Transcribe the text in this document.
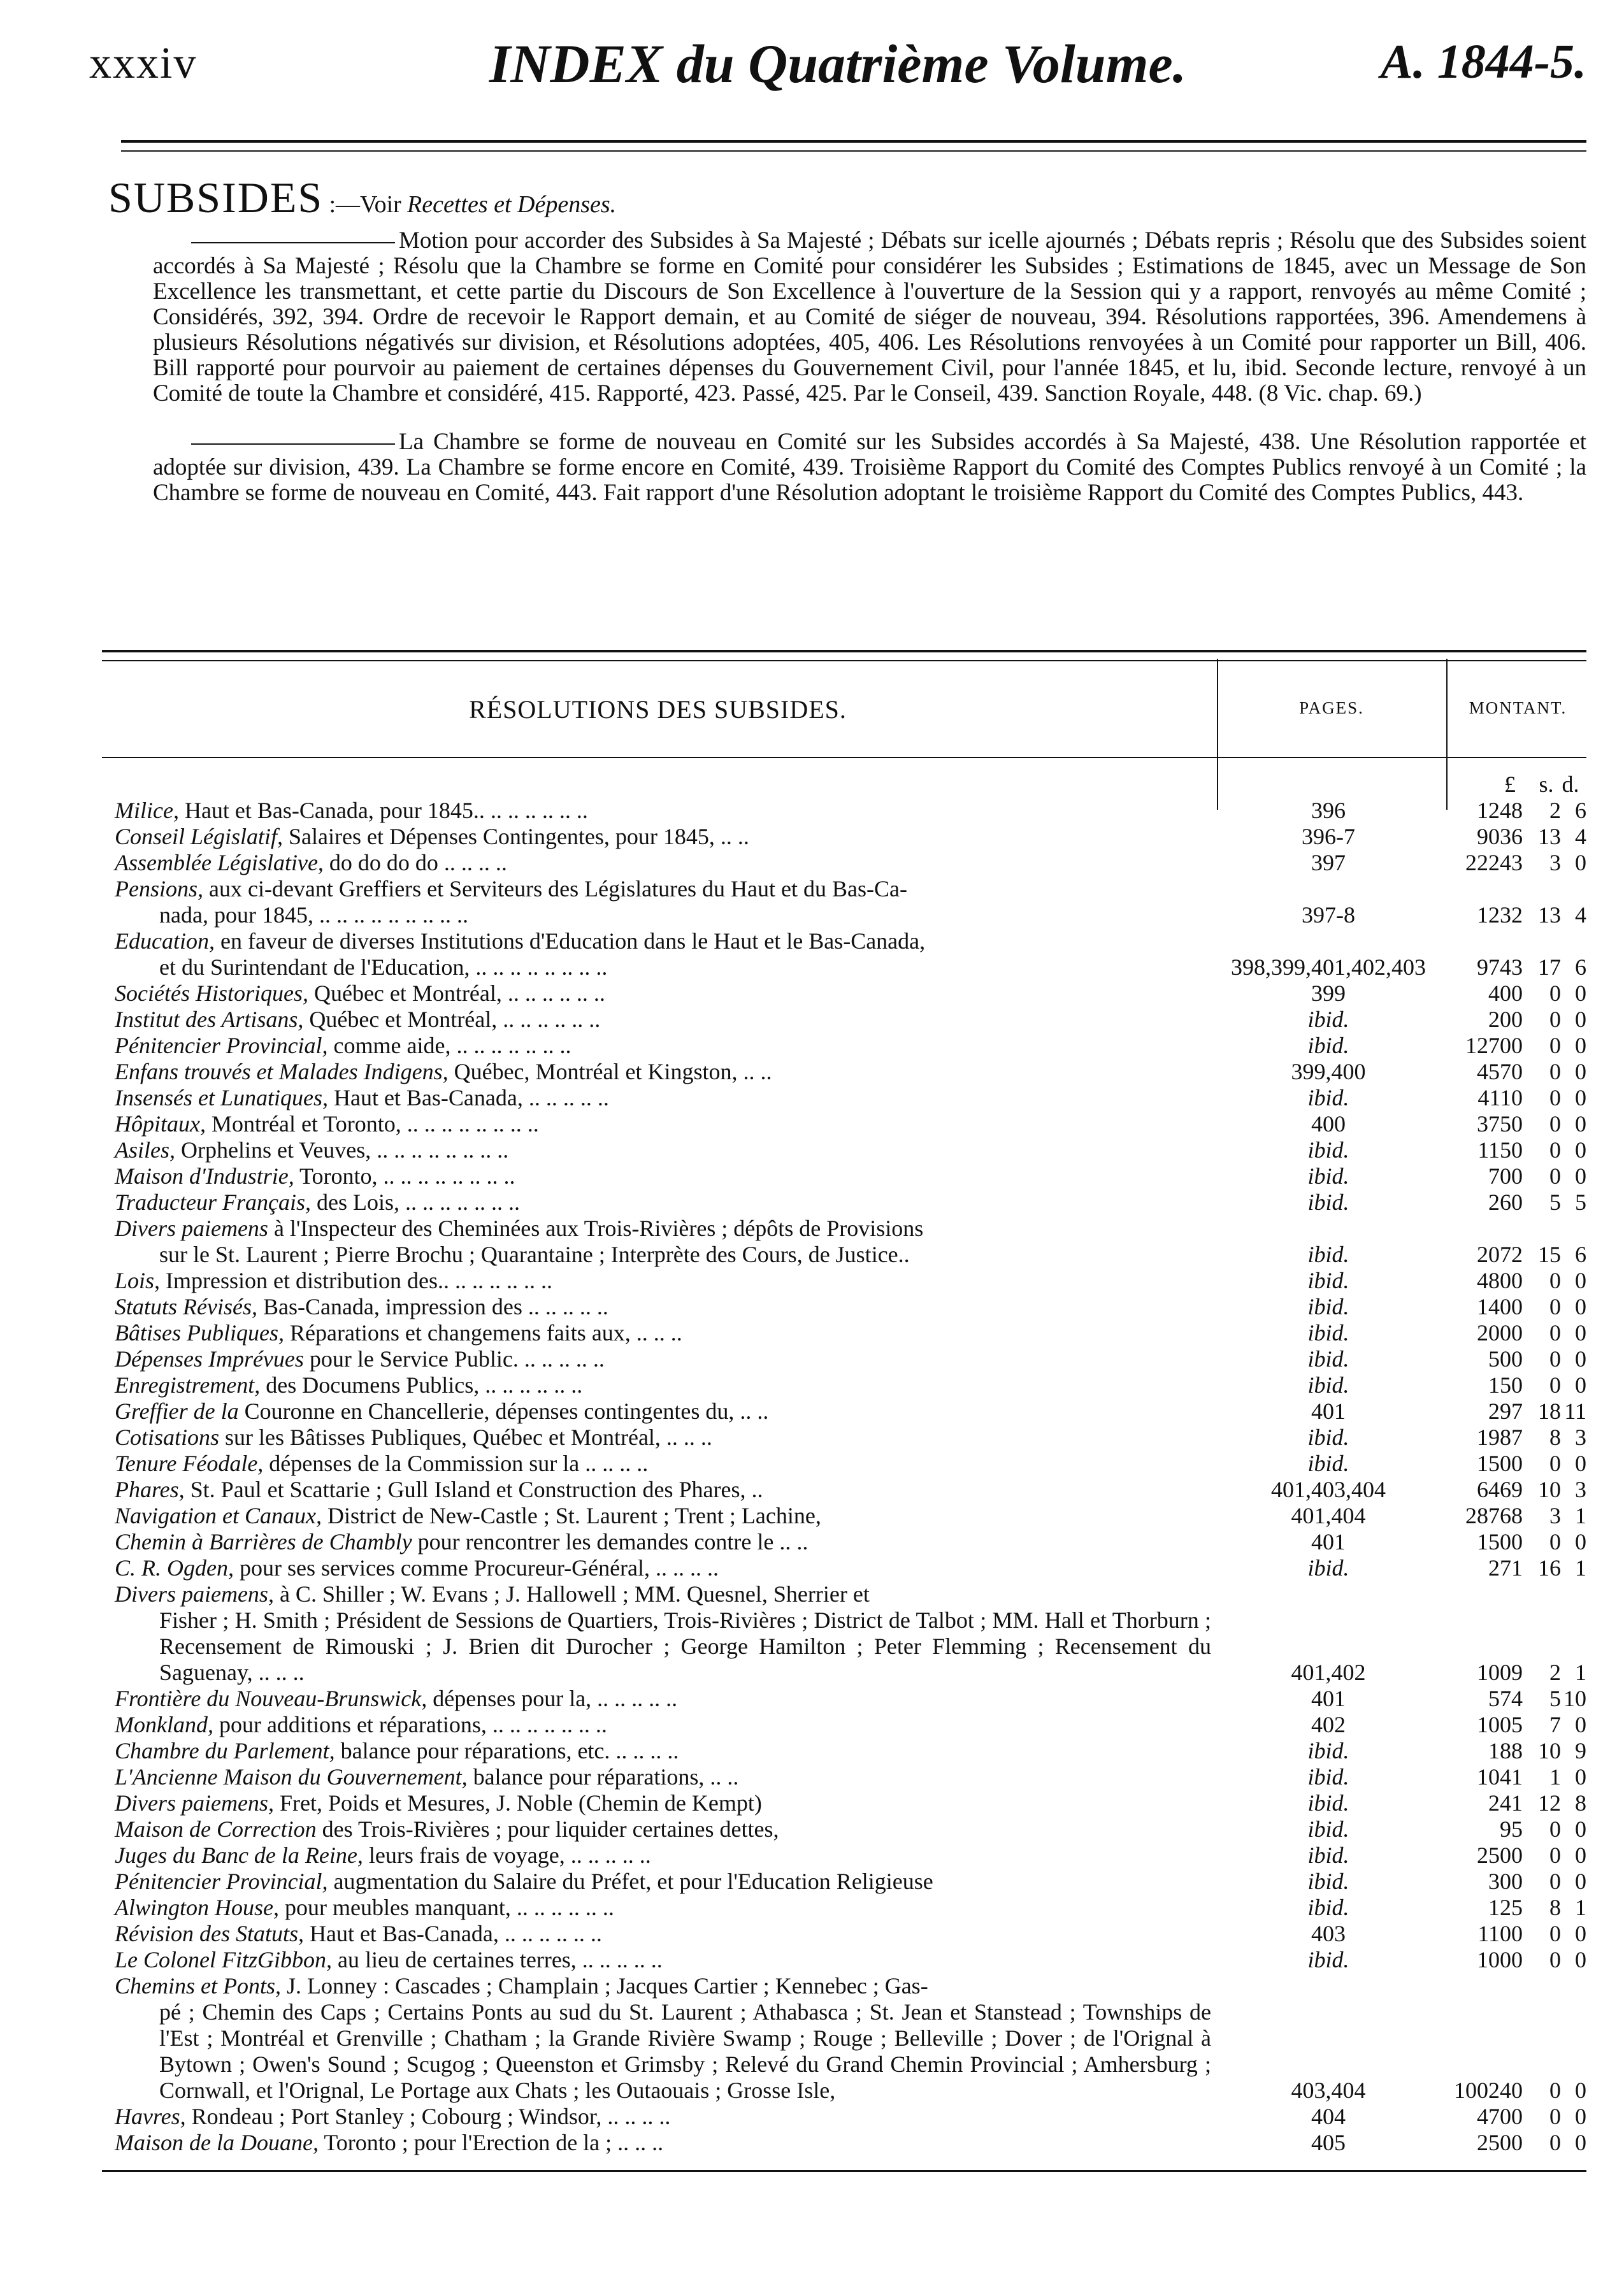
xxxiv	INDEX du Quatrième Volume.	A. 1844-5.
SUBSIDES :—Voir Recettes et Dépenses.

Motion pour accorder des Subsides à Sa Majesté ; Débats sur icelle ajournés ; Débats repris ; Résolu que des Subsides soient accordés à Sa Majesté ; Résolu que la Chambre se forme en Comité pour considérer les Subsides ; Estimations de 1845, avec un Message de Son Excellence les transmettant, et cette partie du Discours de Son Excellence à l'ouverture de la Session qui y a rapport, renvoyés au même Comité ; Considérés, 392, 394. Ordre de recevoir le Rapport demain, et au Comité de siéger de nouveau, 394. Résolutions rapportées, 396. Amendemens à plusieurs Résolutions négativés sur division, et Résolutions adoptées, 405, 406. Les Résolutions renvoyées à un Comité pour rapporter un Bill, 406. Bill rapporté pour pourvoir au paiement de certaines dépenses du Gouvernement Civil, pour l'année 1845, et lu, ibid. Seconde lecture, renvoyé à un Comité de toute la Chambre et considéré, 415. Rapporté, 423. Passé, 425. Par le Conseil, 439. Sanction Royale, 448. (8 Vic. chap. 69.)

La Chambre se forme de nouveau en Comité sur les Subsides accordés à Sa Majesté, 438. Une Résolution rapportée et adoptée sur division, 439. La Chambre se forme encore en Comité, 439. Troisième Rapport du Comité des Comptes Publics renvoyé à un Comité ; la Chambre se forme de nouveau en Comité, 443. Fait rapport d'une Résolution adoptant le troisième Rapport du Comité des Comptes Publics, 443.

RÉSOLUTIONS DES SUBSIDES.	PAGES.	MONTANT.
£	s. d.
Milice, Haut et Bas-Canada, pour 1845.. .. .. .. .. .. ..	396	1248	2 6
Conseil Législatif, Salaires et Dépenses Contingentes, pour 1845, .. ..	396-7	9036 13 4
Assemblée Législative, do do do do .. .. .. ..	397	22243	3 0
Pensions, aux ci-devant Greffiers et Serviteurs des Législatures du Haut et du Bas-Ca-
nada, pour 1845, .. .. .. .. .. .. .. .. ..	397-8	1232 13 4
Education, en faveur de diverses Institutions d'Education dans le Haut et le Bas-Canada,
et du Surintendant de l'Education, .. .. .. .. .. .. .. ..	398,399,401,402,403	9743 17 6
Sociétés Historiques, Québec et Montréal, .. .. .. .. .. ..	399	400	0 0
Institut des Artisans, Québec et Montréal, .. .. .. .. .. ..	ibid.	200	0 0
Pénitencier Provincial, comme aide, .. .. .. .. .. .. ..	ibid.	12700	0 0
Enfans trouvés et Malades Indigens, Québec, Montréal et Kingston, .. ..	399,400	4570	0 0
Insensés et Lunatiques, Haut et Bas-Canada, .. .. .. .. ..	ibid.	4110	0 0
Hôpitaux, Montréal et Toronto, .. .. .. .. .. .. .. ..	400	3750	0 0
Asiles, Orphelins et Veuves, .. .. .. .. .. .. .. ..	ibid.	1150	0 0
Maison d'Industrie, Toronto, .. .. .. .. .. .. .. ..	ibid.	700	0 0
Traducteur Français, des Lois, .. .. .. .. .. .. ..	ibid.	260	5 5
Divers paiemens à l'Inspecteur des Cheminées aux Trois-Rivières ; dépôts de Provisions
sur le St. Laurent ; Pierre Brochu ; Quarantaine ; Interprète des Cours, de Justice..	ibid.	2072 15 6
Lois, Impression et distribution des.. .. .. .. .. .. ..	ibid.	4800	0 0
Statuts Révisés, Bas-Canada, impression des .. .. .. .. ..	ibid.	1400	0 0
Bâtises Publiques, Réparations et changemens faits aux, .. .. ..	ibid.	2000	0 0
Dépenses Imprévues pour le Service Public. .. .. .. .. ..	ibid.	500	0 0
Enregistrement, des Documens Publics, .. .. .. .. .. ..	ibid.	150	0 0
Greffier de la Couronne en Chancellerie, dépenses contingentes du, .. ..	401	297 18 11
Cotisations sur les Bâtisses Publiques, Québec et Montréal, .. .. ..	ibid.	1987	8 3
Tenure Féodale, dépenses de la Commission sur la .. .. .. ..	ibid.	1500	0 0
Phares, St. Paul et Scattarie ; Gull Island et Construction des Phares, ..	401,403,404	6469 10 3
Navigation et Canaux, District de New-Castle ; St. Laurent ; Trent ; Lachine,	401,404	28768	3 1
Chemin à Barrières de Chambly pour rencontrer les demandes contre le .. ..	401	1500	0 0
C. R. Ogden, pour ses services comme Procureur-Général, .. .. .. ..	ibid.	271 16 1
Divers paiemens, à C. Shiller ; W. Evans ; J. Hallowell ; MM. Quesnel, Sherrier et
Fisher ; H. Smith ; Président de Sessions de Quartiers, Trois-Rivières ; District de Talbot ; MM. Hall et Thorburn ; Recensement de Rimouski ; J. Brien dit Durocher ; George Hamilton ; Peter Flemming ; Recensement du Saguenay, .. .. ..	401,402	1009	2 1
Frontière du Nouveau-Brunswick, dépenses pour la, .. .. .. .. ..	401	574	5 10
Monkland, pour additions et réparations, .. .. .. .. .. .. ..	402	1005	7 0
Chambre du Parlement, balance pour réparations, etc. .. .. .. ..	ibid.	188 10 9
L'Ancienne Maison du Gouvernement, balance pour réparations, .. ..	ibid.	1041	1 0
Divers paiemens, Fret, Poids et Mesures, J. Noble (Chemin de Kempt)	ibid.	241 12 8
Maison de Correction des Trois-Rivières ; pour liquider certaines dettes,	ibid.	95	0 0
Juges du Banc de la Reine, leurs frais de voyage, .. .. .. .. ..	ibid.	2500	0 0
Pénitencier Provincial, augmentation du Salaire du Préfet, et pour l'Education Religieuse	ibid.	300	0 0
Alwington House, pour meubles manquant, .. .. .. .. .. ..	ibid.	125	8 1
Révision des Statuts, Haut et Bas-Canada, .. .. .. .. .. ..	403	1100	0 0
Le Colonel FitzGibbon, au lieu de certaines terres, .. .. .. .. ..	ibid.	1000	0 0
Chemins et Ponts, J. Lonney : Cascades ; Champlain ; Jacques Cartier ; Kennebec ; Gas-
pé ; Chemin des Caps ; Certains Ponts au sud du St. Laurent ; Athabasca ; St. Jean et Stanstead ; Townships de l'Est ; Montréal et Grenville ; Chatham ; la Grande Rivière Swamp ; Rouge ; Belleville ; Dover ; de l'Orignal à Bytown ; Owen's Sound ; Scugog ; Queenston et Grimsby ; Relevé du Grand Chemin Provincial ; Amhersburg ; Cornwall, et l'Orignal, Le Portage aux Chats ; les Outaouais ; Grosse Isle,	403,404	100240	0 0
Havres, Rondeau ; Port Stanley ; Cobourg ; Windsor, .. .. .. ..	404	4700	0 0
Maison de la Douane, Toronto ; pour l'Erection de la ; .. .. ..	405	2500	0 0
